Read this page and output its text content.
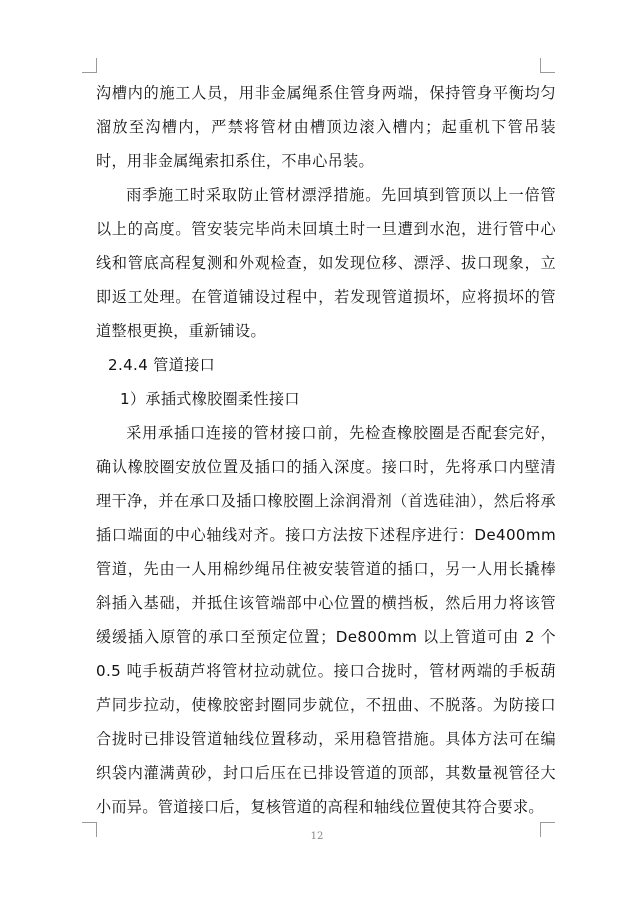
沟槽内的施工人员，用非金属绳系住管身两端，保持管身平衡均匀溜放至沟槽内，严禁将管材由槽顶边滚入槽内；起重机下管吊装时，用非金属绳索扣系住，不串心吊装。

雨季施工时采取防止管材漂浮措施。先回填到管顶以上一倍管以上的高度。管安装完毕尚未回填土时一旦遭到水泡，进行管中心线和管底高程复测和外观检查，如发现位移、漂浮、拔口现象，立即返工处理。在管道铺设过程中，若发现管道损坏，应将损坏的管道整根更换，重新铺设。

2.4.4 管道接口

1）承插式橡胶圈柔性接口

采用承插口连接的管材接口前，先检查橡胶圈是否配套完好，确认橡胶圈安放位置及插口的插入深度。接口时，先将承口内壁清理干净，并在承口及插口橡胶圈上涂润滑剂（首选硅油），然后将承插口端面的中心轴线对齐。接口方法按下述程序进行：De400mm 管道，先由一人用棉纱绳吊住被安装管道的插口，另一人用长撬棒斜插入基础，并抵住该管端部中心位置的横挡板，然后用力将该管缓缓插入原管的承口至预定位置；De800mm 以上管道可由 2 个 0.5 吨手板葫芦将管材拉动就位。接口合拢时，管材两端的手板葫芦同步拉动，使橡胶密封圈同步就位，不扭曲、不脱落。为防接口合拢时已排设管道轴线位置移动，采用稳管措施。具体方法可在编织袋内灌满黄砂，封口后压在已排设管道的顶部，其数量视管径大小而异。管道接口后，复核管道的高程和轴线位置使其符合要求。

12
